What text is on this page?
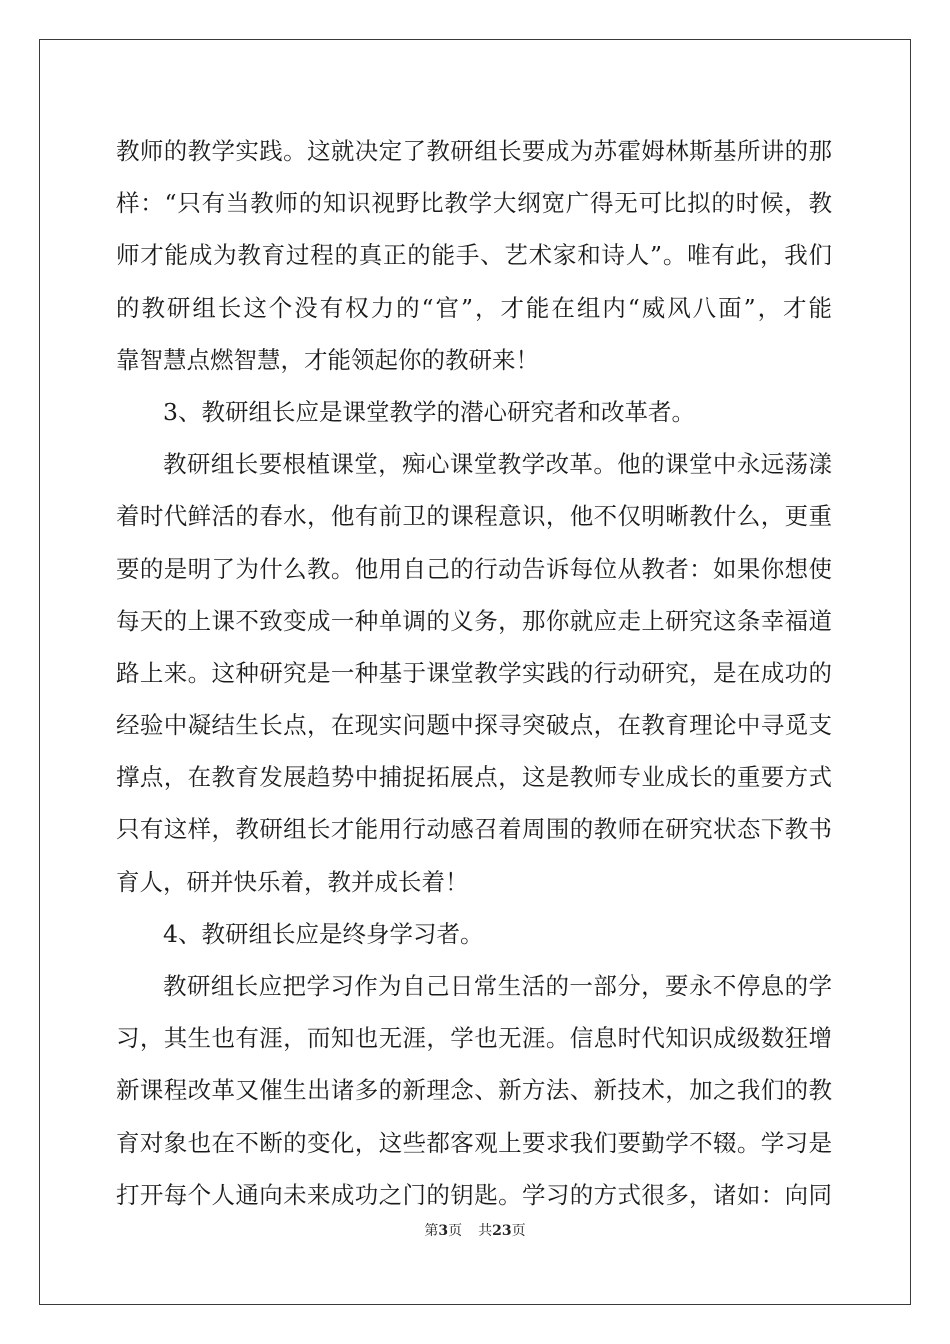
教师的教学实践。这就决定了教研组长要成为苏霍姆林斯基所讲的那
样：“只有当教师的知识视野比教学大纲宽广得无可比拟的时候，教
师才能成为教育过程的真正的能手、艺术家和诗人”。唯有此，我们
的教研组长这个没有权力的“官”，才能在组内“威风八面”，才能
靠智慧点燃智慧，才能领起你的教研来！
3、教研组长应是课堂教学的潜心研究者和改革者。
教研组长要根植课堂，痴心课堂教学改革。他的课堂中永远荡漾
着时代鲜活的春水，他有前卫的课程意识，他不仅明晰教什么，更重
要的是明了为什么教。他用自己的行动告诉每位从教者：如果你想使
每天的上课不致变成一种单调的义务，那你就应走上研究这条幸福道
路上来。这种研究是一种基于课堂教学实践的行动研究，是在成功的
经验中凝结生长点，在现实问题中探寻突破点，在教育理论中寻觅支
撑点，在教育发展趋势中捕捉拓展点，这是教师专业成长的重要方式
只有这样，教研组长才能用行动感召着周围的教师在研究状态下教书
育人，研并快乐着，教并成长着！
4、教研组长应是终身学习者。
教研组长应把学习作为自己日常生活的一部分，要永不停息的学
习，其生也有涯，而知也无涯，学也无涯。信息时代知识成级数狂增
新课程改革又催生出诸多的新理念、新方法、新技术，加之我们的教
育对象也在不断的变化，这些都客观上要求我们要勤学不辍。学习是
打开每个人通向未来成功之门的钥匙。学习的方式很多，诸如：向同
第3页 共23页
